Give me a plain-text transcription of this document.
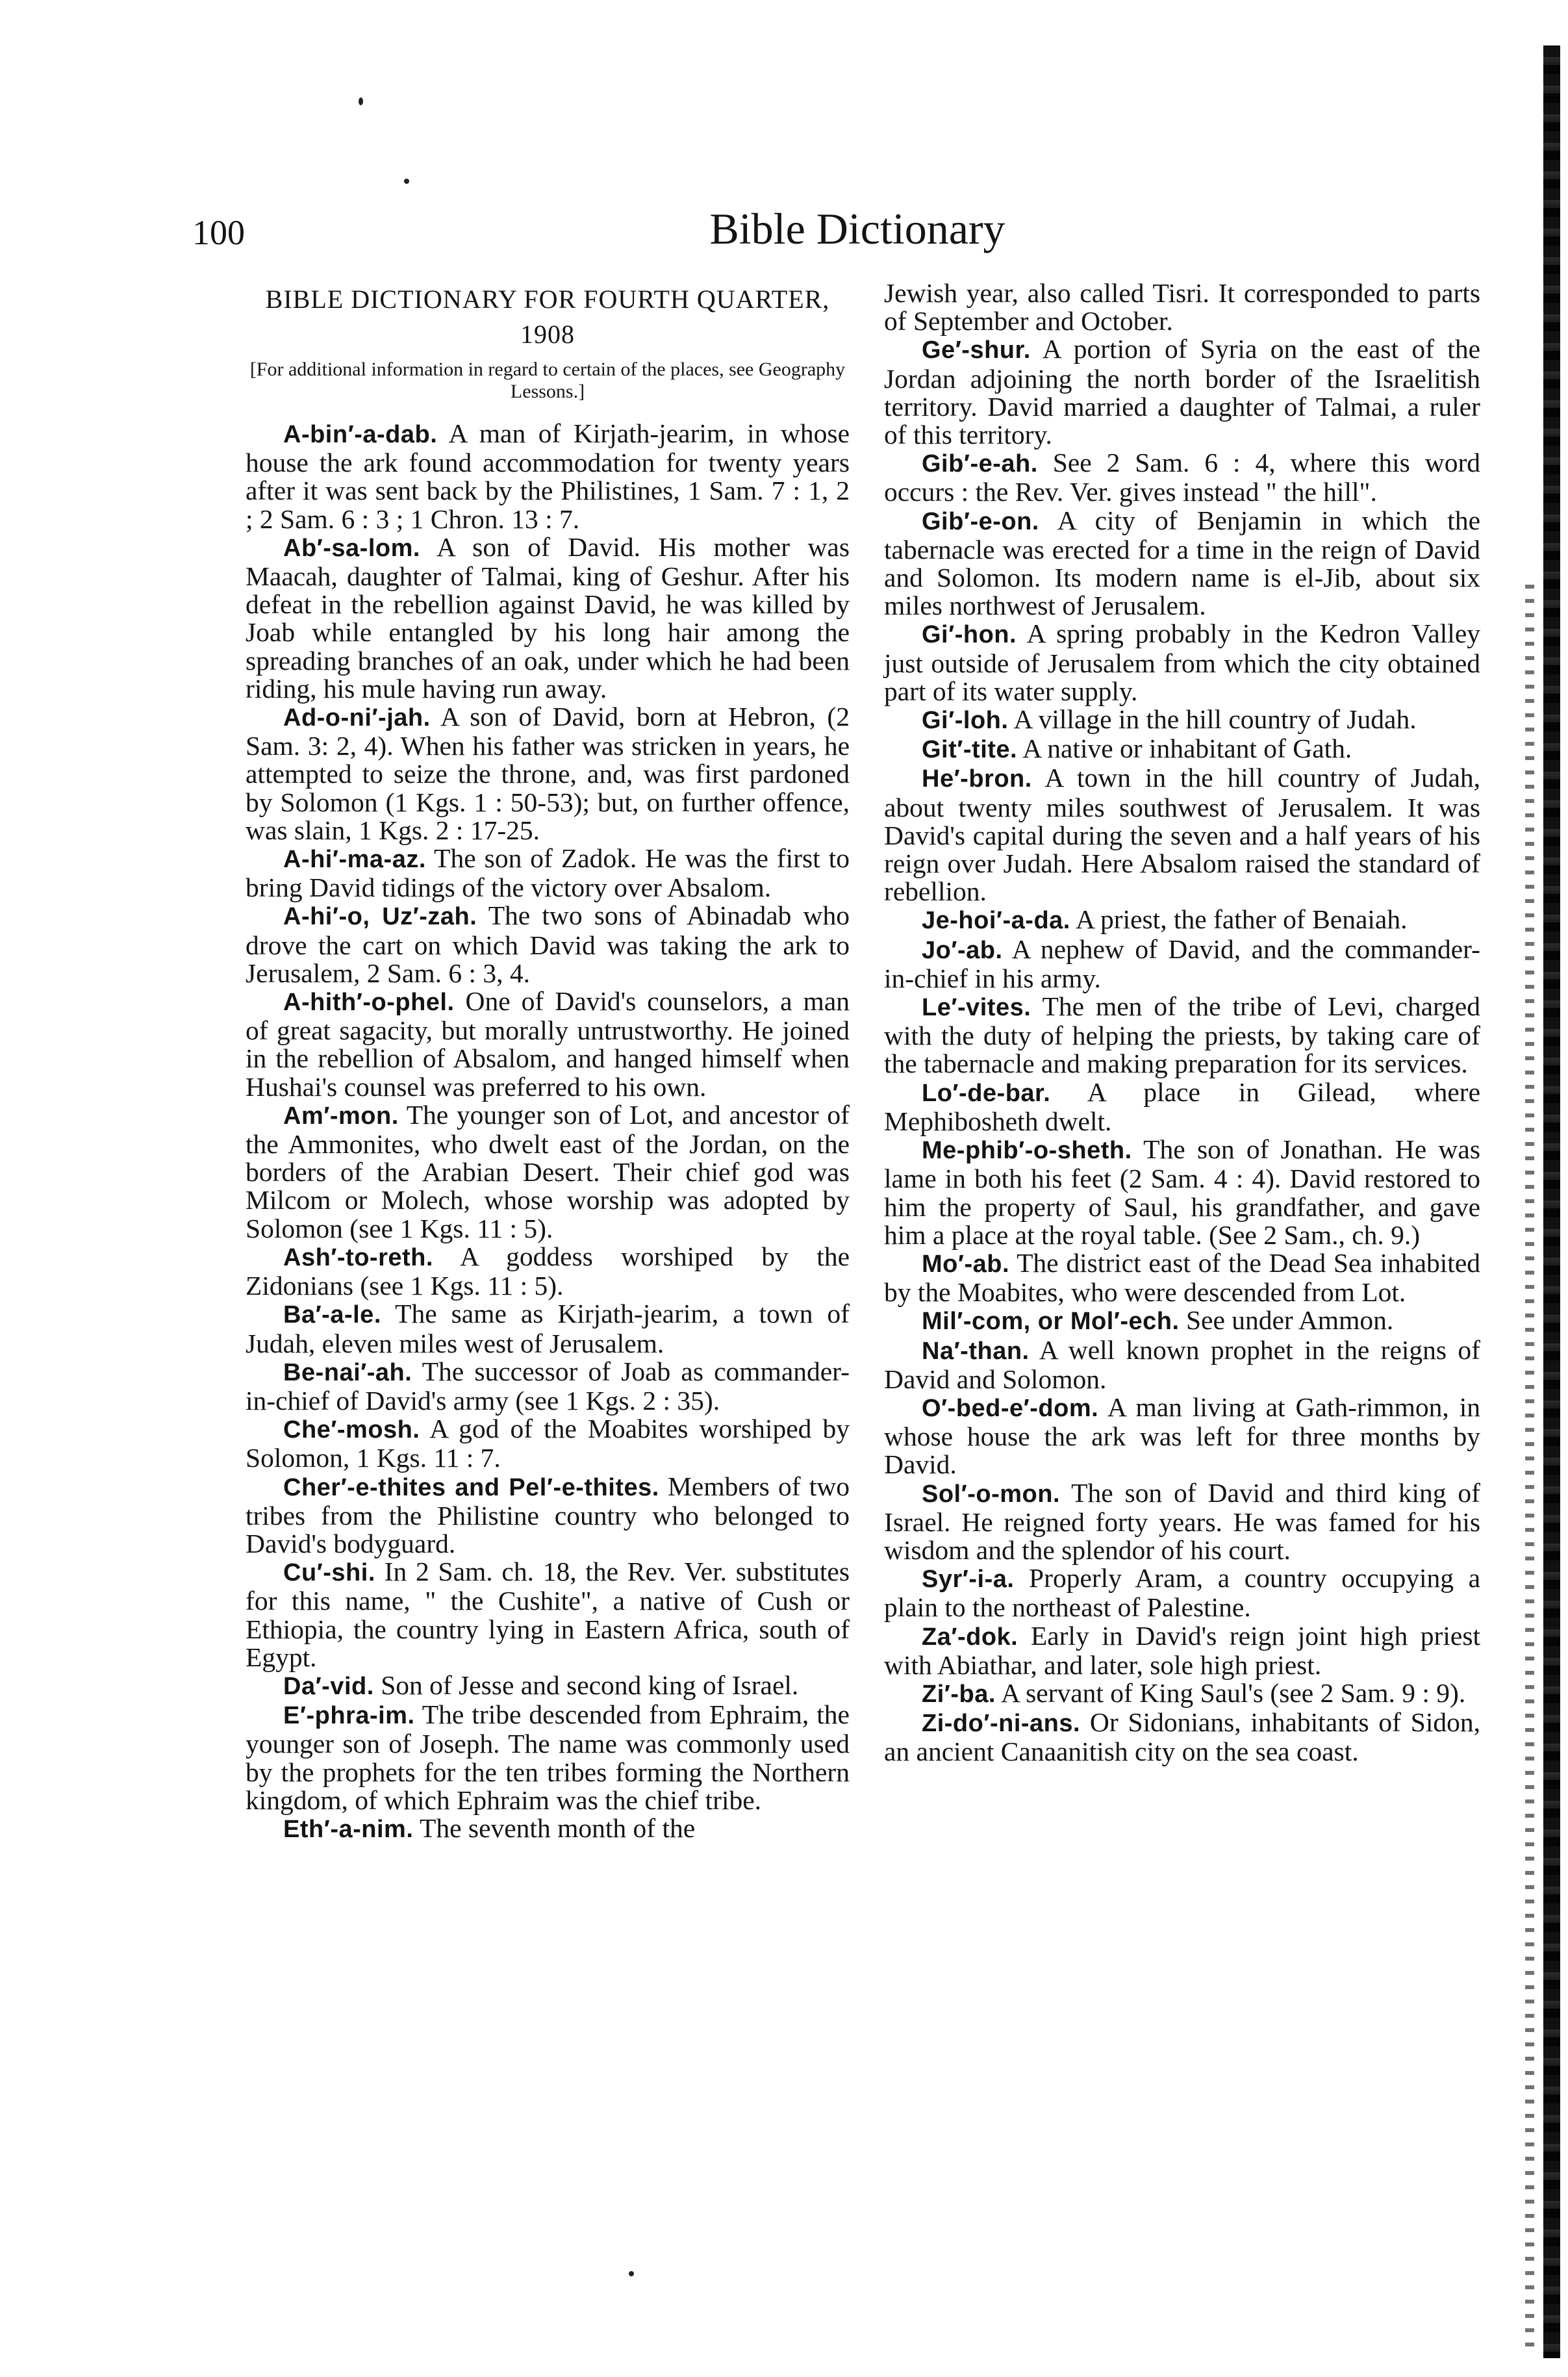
100	Bible Dictionary

BIBLE DICTIONARY FOR FOURTH QUARTER, 1908

[For additional information in regard to certain of the places, see Geography Lessons.]

A-bin′-a-dab. A man of Kirjath-jearim, in whose house the ark found accommodation for twenty years after it was sent back by the Philistines, 1 Sam. 7 : 1, 2 ; 2 Sam. 6 : 3 ; 1 Chron. 13 : 7.

Ab′-sa-lom. A son of David. His mother was Maacah, daughter of Talmai, king of Geshur. After his defeat in the rebellion against David, he was killed by Joab while entangled by his long hair among the spreading branches of an oak, under which he had been riding, his mule having run away.

Ad-o-ni′-jah. A son of David, born at Hebron, (2 Sam. 3: 2, 4). When his father was stricken in years, he attempted to seize the throne, and, was first pardoned by Solomon (1 Kgs. 1 : 50-53); but, on further offence, was slain, 1 Kgs. 2 : 17-25.

A-hi′-ma-az. The son of Zadok. He was the first to bring David tidings of the victory over Absalom.

A-hi′-o, Uz′-zah. The two sons of Abinadab who drove the cart on which David was taking the ark to Jerusalem, 2 Sam. 6 : 3, 4.

A-hith′-o-phel. One of David's counselors, a man of great sagacity, but morally untrustworthy. He joined in the rebellion of Absalom, and hanged himself when Hushai's counsel was preferred to his own.

Am′-mon. The younger son of Lot, and ancestor of the Ammonites, who dwelt east of the Jordan, on the borders of the Arabian Desert. Their chief god was Milcom or Molech, whose worship was adopted by Solomon (see 1 Kgs. 11 : 5).

Ash′-to-reth. A goddess worshiped by the Zidonians (see 1 Kgs. 11 : 5).

Ba′-a-le. The same as Kirjath-jearim, a town of Judah, eleven miles west of Jerusalem.

Be-nai′-ah. The successor of Joab as commander-in-chief of David's army (see 1 Kgs. 2 : 35).

Che′-mosh. A god of the Moabites worshiped by Solomon, 1 Kgs. 11 : 7.

Cher′-e-thites and Pel′-e-thites. Members of two tribes from the Philistine country who belonged to David's bodyguard.

Cu′-shi. In 2 Sam. ch. 18, the Rev. Ver. substitutes for this name, " the Cushite", a native of Cush or Ethiopia, the country lying in Eastern Africa, south of Egypt.

Da′-vid. Son of Jesse and second king of Israel.

E′-phra-im. The tribe descended from Ephraim, the younger son of Joseph. The name was commonly used by the prophets for the ten tribes forming the Northern kingdom, of which Ephraim was the chief tribe.

Eth′-a-nim. The seventh month of the

Jewish year, also called Tisri. It corresponded to parts of September and October.

Ge′-shur. A portion of Syria on the east of the Jordan adjoining the north border of the Israelitish territory. David married a daughter of Talmai, a ruler of this territory.

Gib′-e-ah. See 2 Sam. 6 : 4, where this word occurs : the Rev. Ver. gives instead " the hill".

Gib′-e-on. A city of Benjamin in which the tabernacle was erected for a time in the reign of David and Solomon. Its modern name is el-Jib, about six miles northwest of Jerusalem.

Gi′-hon. A spring probably in the Kedron Valley just outside of Jerusalem from which the city obtained part of its water supply.

Gi′-loh. A village in the hill country of Judah.

Git′-tite. A native or inhabitant of Gath.

He′-bron. A town in the hill country of Judah, about twenty miles southwest of Jerusalem. It was David's capital during the seven and a half years of his reign over Judah. Here Absalom raised the standard of rebellion.

Je-hoi′-a-da. A priest, the father of Benaiah.

Jo′-ab. A nephew of David, and the commander-in-chief in his army.

Le′-vites. The men of the tribe of Levi, charged with the duty of helping the priests, by taking care of the tabernacle and making preparation for its services.

Lo′-de-bar. A place in Gilead, where Mephibosheth dwelt.

Me-phib′-o-sheth. The son of Jonathan. He was lame in both his feet (2 Sam. 4 : 4). David restored to him the property of Saul, his grandfather, and gave him a place at the royal table. (See 2 Sam., ch. 9.)

Mo′-ab. The district east of the Dead Sea inhabited by the Moabites, who were descended from Lot.

Mil′-com, or Mol′-ech. See under Ammon.

Na′-than. A well known prophet in the reigns of David and Solomon.

O′-bed-e′-dom. A man living at Gath-rimmon, in whose house the ark was left for three months by David.

Sol′-o-mon. The son of David and third king of Israel. He reigned forty years. He was famed for his wisdom and the splendor of his court.

Syr′-i-a. Properly Aram, a country occupying a plain to the northeast of Palestine.

Za′-dok. Early in David's reign joint high priest with Abiathar, and later, sole high priest.

Zi′-ba. A servant of King Saul's (see 2 Sam. 9 : 9).

Zi-do′-ni-ans. Or Sidonians, inhabitants of Sidon, an ancient Canaanitish city on the sea coast.
